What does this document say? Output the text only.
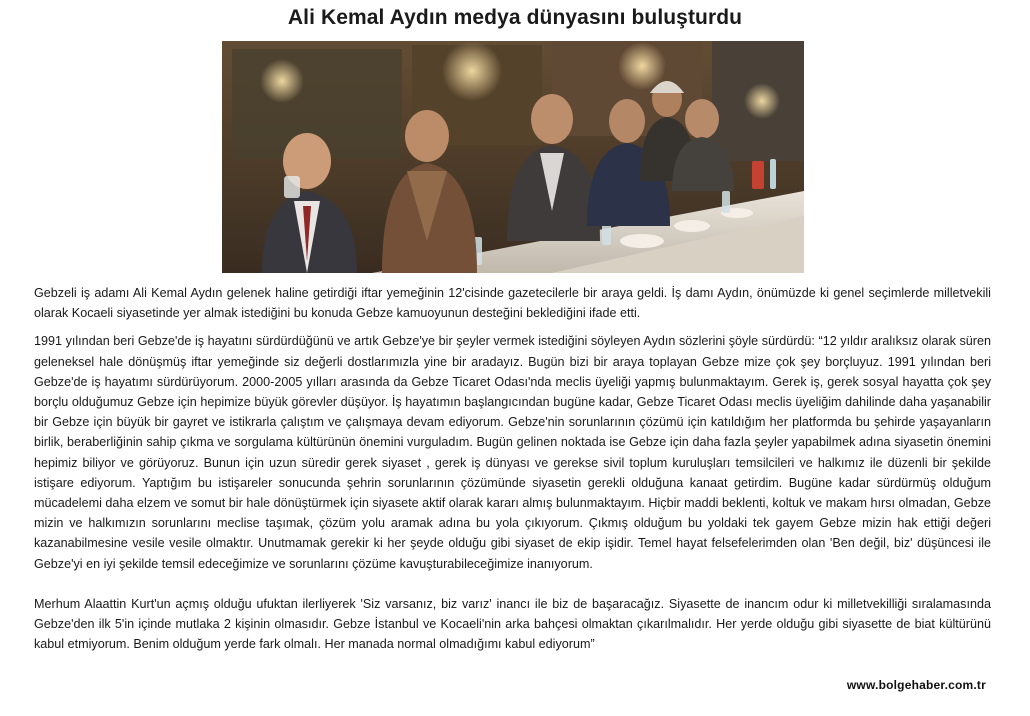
Ali Kemal Aydın medya dünyasını buluşturdu

Gebzeli iş adamı Ali Kemal Aydın gelenek haline getirdiği iftar yemeğinin 12'cisinde gazetecilerle bir araya geldi. İş damı Aydın, önümüzde ki genel seçimlerde milletvekili olarak Kocaeli siyasetinde yer almak istediğini bu konuda Gebze kamuoyunun desteğini beklediğini ifade etti.

1991 yılından beri Gebze'de iş hayatını sürdürdüğünü ve artık Gebze'ye bir şeyler vermek istediğini söyleyen Aydın sözlerini şöyle sürdürdü: “12 yıldır aralıksız olarak süren geleneksel hale dönüşmüş iftar yemeğinde siz değerli dostlarımızla yine bir aradayız. Bugün bizi bir araya toplayan Gebze mize çok şey borçluyuz. 1991 yılından beri Gebze'de iş hayatımı sürdürüyorum. 2000-2005 yılları arasında da Gebze Ticaret Odası'nda meclis üyeliği yapmış bulunmaktayım. Gerek iş, gerek sosyal hayatta çok şey borçlu olduğumuz Gebze için hepimize büyük görevler düşüyor. İş hayatımın başlangıcından bugüne kadar, Gebze Ticaret Odası meclis üyeliğim dahilinde daha yaşanabilir bir Gebze için büyük bir gayret ve istikrarla çalıştım ve çalışmaya devam ediyorum. Gebze'nin sorunlarının çözümü için katıldığım her platformda bu şehirde yaşayanların birlik, beraberliğinin sahip çıkma ve sorgulama kültürünün önemini vurguladım. Bugün gelinen noktada ise Gebze için daha fazla şeyler yapabilmek adına siyasetin önemini hepimiz biliyor ve görüyoruz. Bunun için uzun süredir gerek siyaset , gerek iş dünyası ve gerekse sivil toplum kuruluşları temsilcileri ve halkımız ile düzenli bir şekilde istişare ediyorum. Yaptığım bu istişareler sonucunda şehrin sorunlarının çözümünde siyasetin gerekli olduğuna kanaat getirdim. Bugüne kadar sürdürmüş olduğum mücadelemi daha elzem ve somut bir hale dönüştürmek için siyasete aktif olarak kararı almış bulunmaktayım. Hiçbir maddi beklenti, koltuk ve makam hırsı olmadan, Gebze mizin ve halkımızın sorunlarını meclise taşımak, çözüm yolu aramak adına bu yola çıkıyorum. Çıkmış olduğum bu yoldaki tek gayem Gebze mizin hak ettiği değeri kazanabilmesine vesile vesile olmaktır. Unutmamak gerekir ki her şeyde olduğu gibi siyaset de ekip işidir. Temel hayat felsefelerimden olan 'Ben değil, biz' düşüncesi ile Gebze'yi en iyi şekilde temsil edeceğimize ve sorunlarını çözüme kavuşturabileceğimize inanıyorum.

Merhum Alaattin Kurt'un açmış olduğu ufuktan ilerliyerek 'Siz varsanız, biz varız' inancı ile biz de başaracağız. Siyasette de inancım odur ki milletvekilliği sıralamasında Gebze'den ilk 5'in içinde mutlaka 2 kişinin olmasıdır. Gebze İstanbul ve Kocaeli'nin arka bahçesi olmaktan çıkarılmalıdır. Her yerde olduğu gibi siyasette de biat kültürünü kabul etmiyorum. Benim olduğum yerde fark olmalı. Her manada normal olmadığımı kabul ediyorum”

www.bolgehaber.com.tr
